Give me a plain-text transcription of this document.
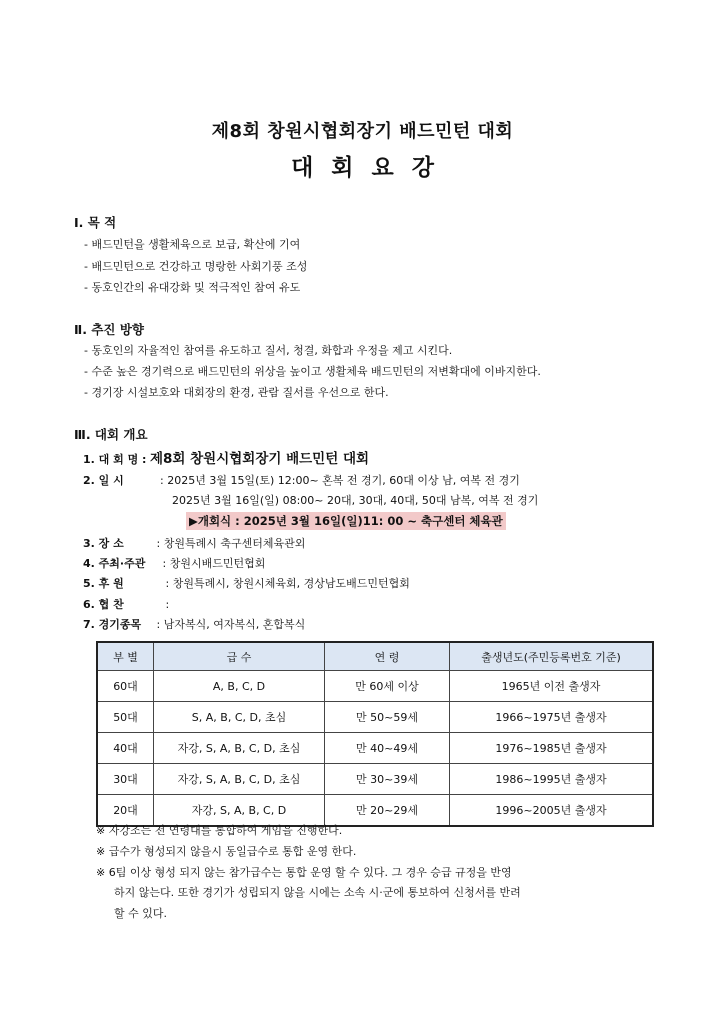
제8회 창원시협회장기 배드민턴 대회
대회요강
Ⅰ. 목 적
- 배드민턴을 생활체육으로 보급, 확산에 기여
- 배드민턴으로 건강하고 명랑한 사회기풍 조성
- 동호인간의 유대강화 및 적극적인 참여 유도
Ⅱ. 추진 방향
- 동호인의 자율적인 참여를 유도하고 질서, 청결, 화합과 우정을 제고 시킨다.
- 수준 높은 경기력으로 배드민턴의 위상을 높이고 생활체육 배드민턴의 저변확대에 이바지한다.
- 경기장 시설보호와 대회장의 환경, 관람 질서를 우선으로 한다.
Ⅲ. 대회 개요
1. 대 회 명 : 제8회 창원시협회장기 배드민턴 대회
2. 일 시	: 2025년 3월 15일(토) 12:00~ 혼복 전 경기, 60대 이상 남, 여복 전 경기
2025년 3월 16일(일) 08:00~ 20대, 30대, 40대, 50대 남복, 여복 전 경기
▶개회식 : 2025년 3월 16일(일)11: 00 ~ 축구센터 체육관
3. 장 소	: 창원특례시 축구센터체육관외
4. 주최·주관 : 창원시배드민턴협회
5. 후 원	: 창원특례시, 창원시체육회, 경상남도배드민턴협회
6. 협 찬	:
7. 경기종목 : 남자복식, 여자복식, 혼합복식
부 별	급 수	연 령	출생년도(주민등록번호 기준)
60대	A, B, C, D	만 60세 이상	1965년 이전 출생자
50대	S, A, B, C, D, 초심	만 50~59세	1966~1975년 출생자
40대	자강, S, A, B, C, D, 초심	만 40~49세	1976~1985년 출생자
30대	자강, S, A, B, C, D, 초심	만 30~39세	1986~1995년 출생자
20대	자강, S, A, B, C, D	만 20~29세	1996~2005년 출생자
※ 자강조는 전 연령대를 통합하여 게임을 진행한다.
※ 급수가 형성되지 않을시 동일급수로 통합 운영 한다.
※ 6팀 이상 형성 되지 않는 참가급수는 통합 운영 할 수 있다. 그 경우 승급 규정을 반영
하지 않는다. 또한 경기가 성립되지 않을 시에는 소속 시·군에 통보하여 신청서를 반려
할 수 있다.
